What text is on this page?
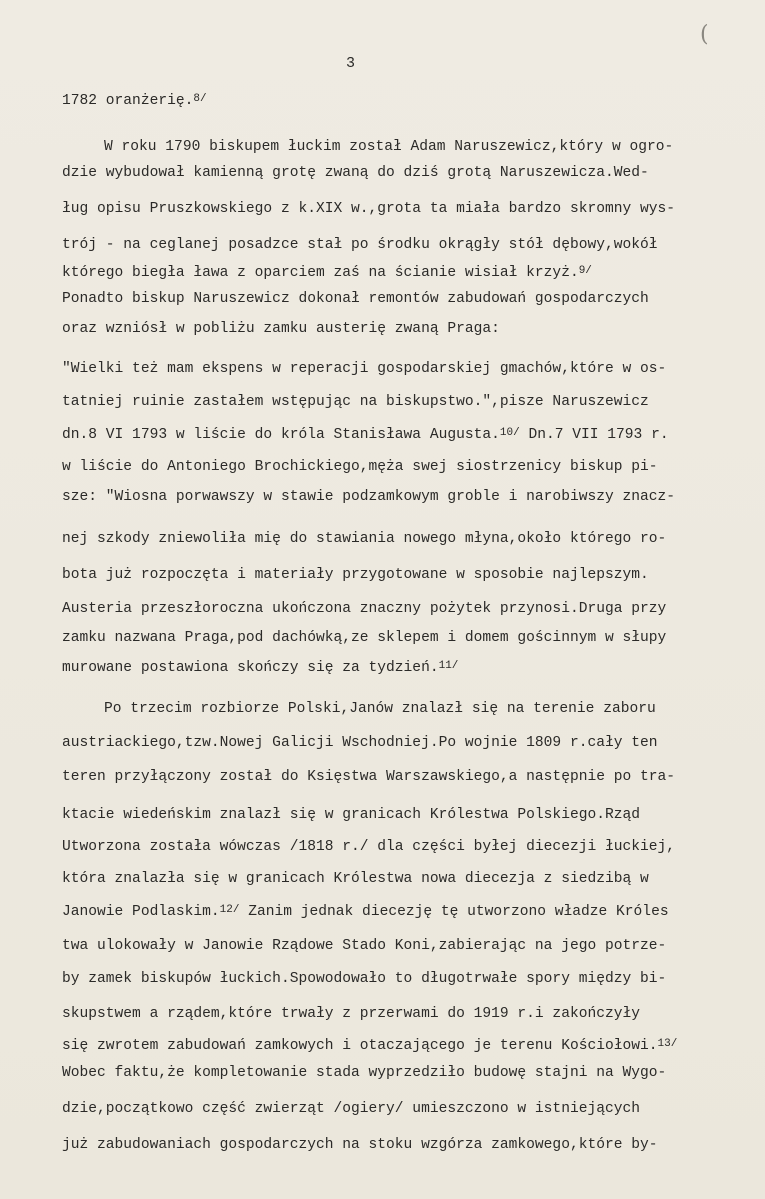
(
3
1782 oranżerię.$^{8/}$
W roku 1790 biskupem łuckim został Adam Naruszewicz,który w ogro-
dzie wybudował kamienną grotę zwaną do dziś grotą Naruszewicza.Wed-
ług opisu Pruszkowskiego z k.XIX w.,grota ta miała bardzo skromny wys-
trój - na ceglanej posadzce stał po środku okrągły stół dębowy,wokół
którego biegła ława z oparciem zaś na ścianie wisiał krzyż.$^{9/}$
Ponadto biskup Naruszewicz dokonał remontów zabudowań gospodarczych
oraz wzniósł w pobliżu zamku austerię zwaną Praga:
"Wielki też mam ekspens w reperacji gospodarskiej gmachów,które w os-
tatniej ruinie zastałem wstępując na biskupstwo.",pisze Naruszewicz
dn.8 VI 1793 w liście do króla Stanisława Augusta.$^{10/}$ Dn.7 VII 1793 r.
w liście do Antoniego Brochickiego,męża swej siostrzenicy biskup pi-
sze: "Wiosna porwawszy w stawie podzamkowym groble i narobiwszy znacz-
nej szkody zniewoliła mię do stawiania nowego młyna,około którego ro-
bota już rozpoczęta i materiały przygotowane w sposobie najlepszym.
Austeria przeszłoroczna ukończona znaczny pożytek przynosi.Druga przy
zamku nazwana Praga,pod dachówką,ze sklepem i domem gościnnym w słupy
murowane postawiona skończy się za tydzień.$^{11/}$
Po trzecim rozbiorze Polski,Janów znalazł się na terenie zaboru
austriackiego,tzw.Nowej Galicji Wschodniej.Po wojnie 1809 r.cały ten
teren przyłączony został do Księstwa Warszawskiego,a następnie po tra-
ktacie wiedeńskim znalazł się w granicach Królestwa Polskiego.Rząd
Utworzona została wówczas /1818 r./ dla części byłej diecezji łuckiej,
która znalazła się w granicach Królestwa nowa diecezja z siedzibą w
Janowie Podlaskim.$^{12/}$ Zanim jednak diecezję tę utworzono władze Króles
twa ulokowały w Janowie Rządowe Stado Koni,zabierając na jego potrze-
by zamek biskupów łuckich.Spowodowało to długotrwałe spory między bi-
skupstwem a rządem,które trwały z przerwami do 1919 r.i zakończyły
się zwrotem zabudowań zamkowych i otaczającego je terenu Kościołowi.$^{13/}$
Wobec faktu,że kompletowanie stada wyprzedziło budowę stajni na Wygo-
dzie,początkowo część zwierząt /ogiery/ umieszczono w istniejących
już zabudowaniach gospodarczych na stoku wzgórza zamkowego,które by-
